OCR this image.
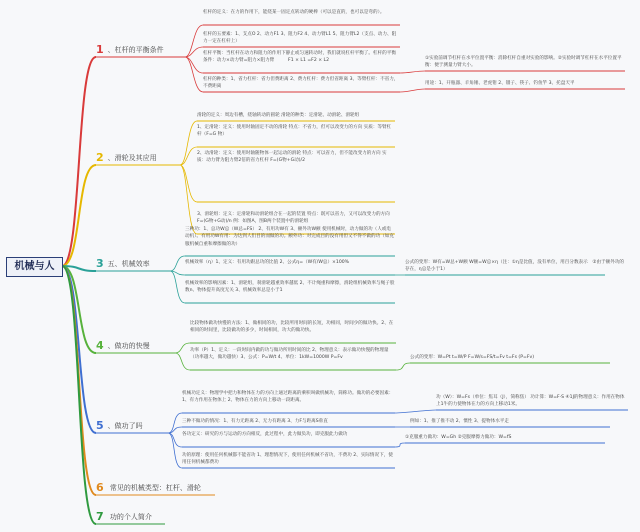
机械与人
1 、杠杆的平衡条件
2 、滑轮及其应用
3 五、机械效率
4 、做功的快慢
5 、做功了吗
6 常见的机械类型：杠杆、滑轮
7 功的个人简介
杠杆的定义：在力的作用下，能绕某一固定点转动的硬棒（可以是直的，也可以是弯的）。
杠杆的五要素：1、支点O 2、动力F1 3、阻力F2 4、动力臂L1 5、阻力臂L2（支点、动力、阻力一定在杠杆上）
杠杆平衡：当杠杆在动力和阻力的作用下静止或匀速转动时，我们就说杠杆平衡了。杠杆的平衡条件：动力×动力臂=阻力×阻力臂　　　F1 × L1 =F2 × L2
杠杆的种类：1、省力杠杆：省力但费距离 2、费力杠杆：费力但省距离 3、等臂杠杆：不省力，不费距离
①实验前调节杠杆在水平位置平衡：消除杠杆自重对实验的影响。②实验时调节杠杆在水平位置平衡：便于测量力臂大小。
用途：1、开瓶器、羊角锤、老虎钳 2、镊子、筷子、钓鱼竿 3、托盘天平
滑轮的定义：周边有槽，绕轴转动的圆轮 滑轮的种类：定滑轮、动滑轮、滑轮组
1、定滑轮：定义：使用时轴固定不动的滑轮 特点：不省力，但可以改变力的方向 实质：等臂杠杆（F=G 物）
2、动滑轮：定义：使用时轴随物体一起运动的滑轮 特点：可以省力，但不能改变力的方向 实质：动力臂为阻力臂2倍的省力杠杆 F=(G物+G动)/2
3、滑轮组：定义：定滑轮和动滑轮组合在一起的装置 特点：既可以省力，又可以改变力的方向 F=(G物+G动)/n 例：如图A，图B两个装置中的滑轮组
三种功：1、总功W总（W总=FS） 2、有用功W有 3、额外功W额 使用机械时，动力做的功（人或电动机）。有用功W有用：为达到人们目的而做的功。额外功：对完成目的没有用但又不得不做的功（如克服机械自重和摩擦做的功）
机械效率（η）1、定义：有用功跟总功的比值 2、公式η=（W有/W总）×100%
机械效率的影响因素：1、滑轮组，刹滑轮越重效率越低 2、不计绳重和摩擦，滑轮组机械效率与绳子股数n、物体提升高度无关 3、机械效率总是小于1
公式的变形：W有=W总+W额 W额=W总×η（注：①η是比值，没有单位，用百分数表示　②由于额外功的存在，η总是小于1）
比较物体做功快慢的方法：1、做相同的功，比较所用时间的长短，功相同，时间少的做功快。2、在相同的时间里，比较做功的多少，时间相同，功大的做功快。
功率（P）1、定义：一段时间内做的功与做功所用时间的比 2、物理意义：表示做功快慢的物理量（功率越大，做功越快）3、公式：P=W/t 4、单位：1kW=1000W P=Fv	公式的变形：W=Pt t=W/P F=W/s=FS/t=Fv t=Fs (P=Fv)
机械功定义：物理学中把力和物体在力的方向上通过距离的乘积叫做机械功，简称功。做功的必要因素：1、有力作用在物体上 2、物体在力的方向上移动一段距离。
三种不做功的情况：1、有力无距离 2、无力有距离 3、力F与距离S垂直
各功定义：研究的方与运动的方向相反，此过程中，此力做负功，即克服此力做功
功的原理：使用任何机械都不能省功 1、理想情况下，使用任何机械不省功，不费功 2、实际情况下，使用任何机械都费功
功（W）：W=Fs（单位：焦耳（J），简称焦） 功计算：W=F·S ④1J的物理意义：作用在物体上1牛的力使物体在力的方向上移动1米。
例如：1、推了推不动 2、惯性 3、提物体水平走
①克服重力做功：W=Gh ②克服摩擦力做功：W=fS
